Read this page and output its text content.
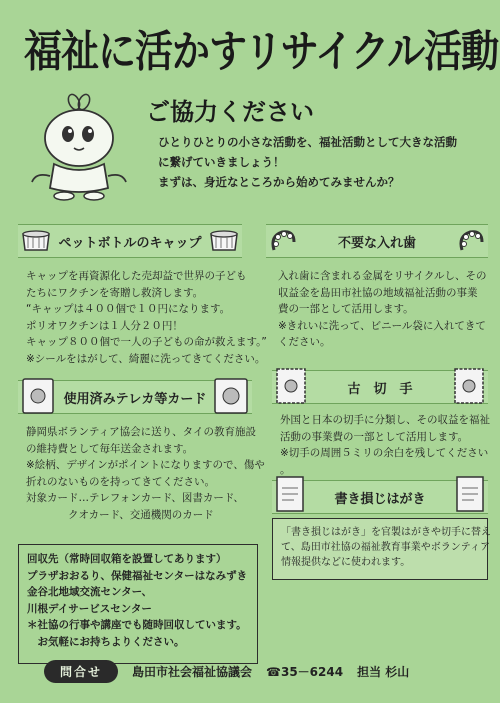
福祉に活かすリサイクル活動
ご協力ください

ひとりひとりの小さな活動を、福祉活動として大きな活動

に繋げていきましょう！

まずは、身近なところから始めてみませんか？

ペットボトルのキャップ

キャップを再資源化した売却益で世界の子ども

たちにワクチンを寄贈し救済します。

“キャップは４００個で１０円になります。

ポリオワクチンは１人分２０円！

キャップ８００個で一人の子どもの命が救えます。”

※シールをはがして、綺麗に洗ってきてください。

不要な入れ歯

入れ歯に含まれる金属をリサイクルし、その

収益金を島田市社協の地域福祉活動の事業

費の一部として活用します。

※きれいに洗って、ビニール袋に入れてきて

ください。

使用済みテレカ等カード

静岡県ボランティア協会に送り、タイの教育施設

の維持費として毎年送金されます。

※絵柄、デザインがポイントになりますので、傷や

折れのないものを持ってきてください。

対象カード…テレフォンカード、図書カード、

　　　　クオカード、交通機関のカード

古　切　手

外国と日本の切手に分類し、その収益を福祉

活動の事業費の一部として活用します。

※切手の周囲５ミリの余白を残してください

。

書き損じはがき

「書き損じはがき」を官製はがきや切手に替え

て、島田市社協の福祉教育事業やボランティア

情報提供などに使われます。

回収先（常時回収箱を設置してあります）

プラザおおるり、保健福祉センターはなみずき

金谷北地域交流センター、

川根デイサービスセンター

＊社協の行事や講座でも随時回収しています。

　お気軽にお持ちよりください。

問合せ	島田市社会福祉協議会 ☎35－6244 担当 杉山
